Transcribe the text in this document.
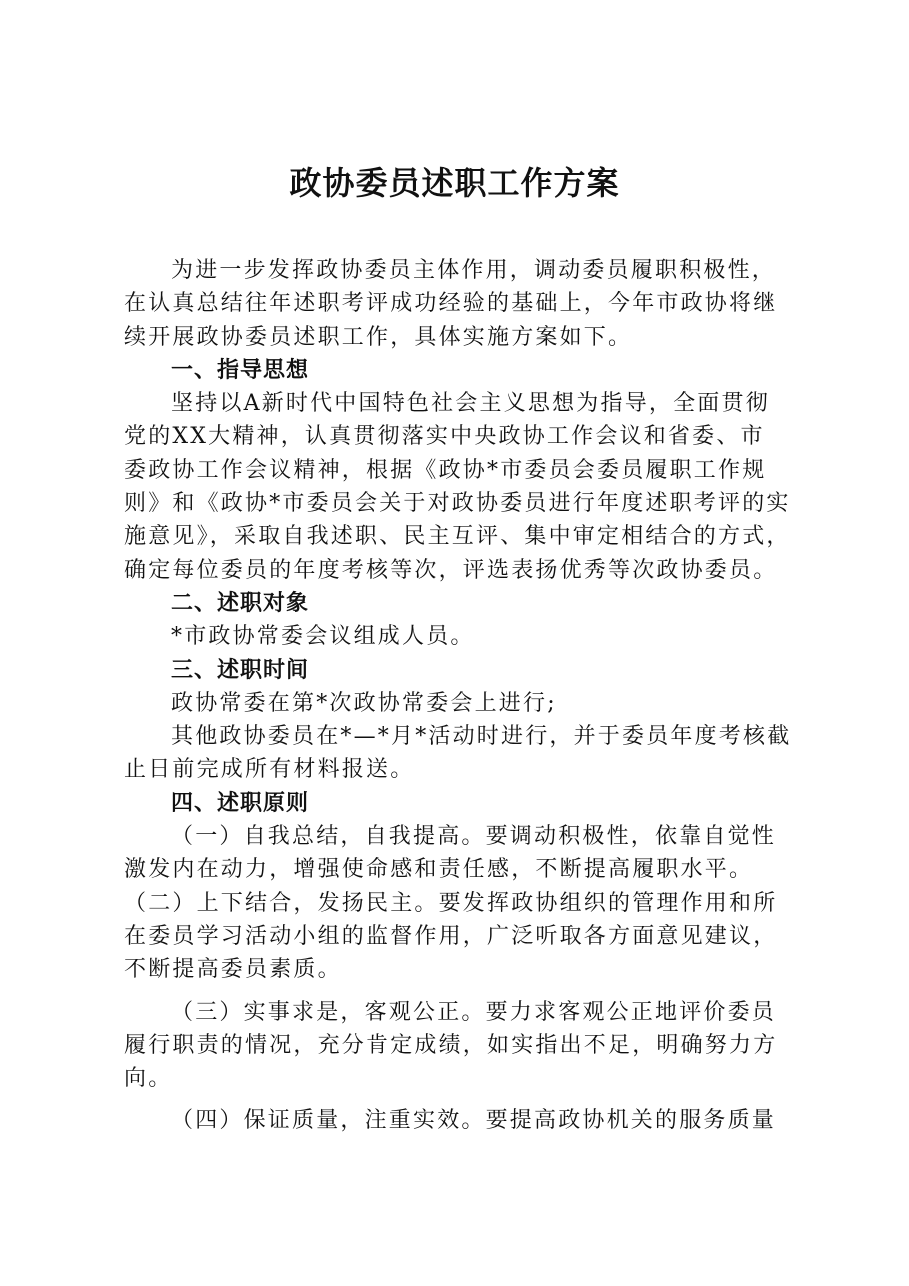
政协委员述职工作方案
为进一步发挥政协委员主体作用，调动委员履职积极性，
在认真总结往年述职考评成功经验的基础上，今年市政协将继
续开展政协委员述职工作，具体实施方案如下。
一、指导思想
坚持以A新时代中国特色社会主义思想为指导，全面贯彻
党的XX大精神，认真贯彻落实中央政协工作会议和省委、市
委政协工作会议精神，根据《政协*市委员会委员履职工作规
则》和《政协*市委员会关于对政协委员进行年度述职考评的实
施意见》，采取自我述职、民主互评、集中审定相结合的方式，
确定每位委员的年度考核等次，评选表扬优秀等次政协委员。
二、述职对象
*市政协常委会议组成人员。
三、述职时间
政协常委在第*次政协常委会上进行;
其他政协委员在*—*月*活动时进行，并于委员年度考核截
止日前完成所有材料报送。
四、述职原则
（一）自我总结，自我提高。要调动积极性，依靠自觉性
激发内在动力，增强使命感和责任感，不断提高履职水平。
（二）上下结合，发扬民主。要发挥政协组织的管理作用和所
在委员学习活动小组的监督作用，广泛听取各方面意见建议，
不断提高委员素质。
（三）实事求是，客观公正。要力求客观公正地评价委员
履行职责的情况，充分肯定成绩，如实指出不足，明确努力方
向。
（四）保证质量，注重实效。要提高政协机关的服务质量
